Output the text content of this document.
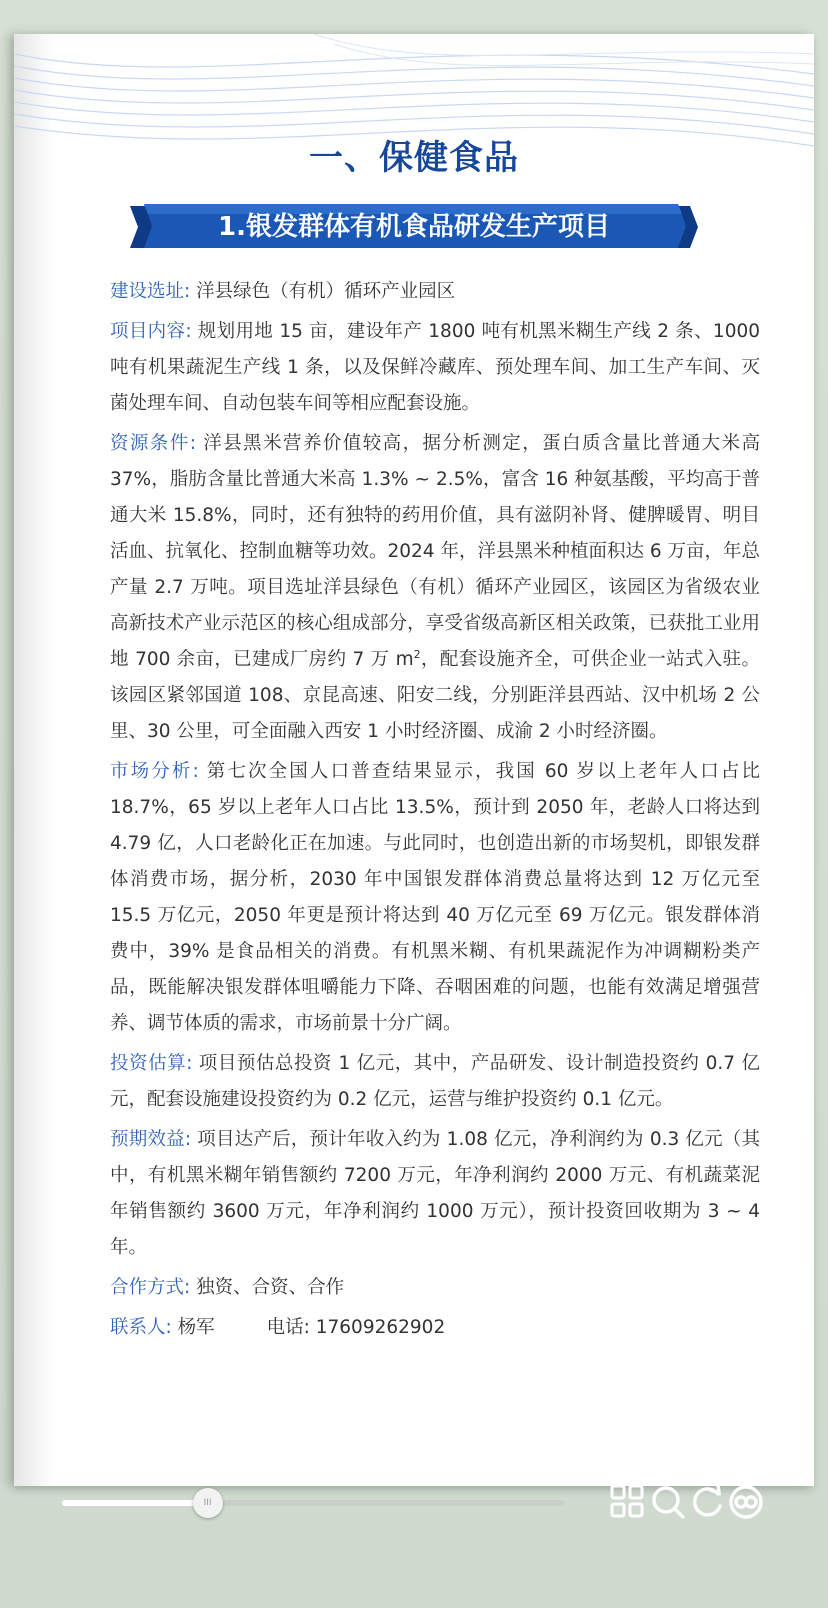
一、保健食品
1.银发群体有机食品研发生产项目

建设选址: 洋县绿色（有机）循环产业园区

项目内容: 规划用地 15 亩，建设年产 1800 吨有机黑米糊生产线 2 条、1000 吨有机果蔬泥生产线 1 条，以及保鲜冷藏库、预处理车间、加工生产车间、灭菌处理车间、自动包装车间等相应配套设施。

资源条件: 洋县黑米营养价值较高，据分析测定，蛋白质含量比普通大米高 37%，脂肪含量比普通大米高 1.3% ~ 2.5%，富含 16 种氨基酸，平均高于普通大米 15.8%，同时，还有独特的药用价值，具有滋阴补肾、健脾暖胃、明目活血、抗氧化、控制血糖等功效。2024 年，洋县黑米种植面积达 6 万亩，年总产量 2.7 万吨。项目选址洋县绿色（有机）循环产业园区，该园区为省级农业高新技术产业示范区的核心组成部分，享受省级高新区相关政策，已获批工业用地 700 余亩，已建成厂房约 7 万 $m^2$，配套设施齐全，可供企业一站式入驻。该园区紧邻国道 108、京昆高速、阳安二线，分别距洋县西站、汉中机场 2 公里、30 公里，可全面融入西安 1 小时经济圈、成渝 2 小时经济圈。

市场分析: 第七次全国人口普查结果显示，我国 60 岁以上老年人口占比 18.7%，65 岁以上老年人口占比 13.5%，预计到 2050 年，老龄人口将达到 4.79 亿，人口老龄化正在加速。与此同时，也创造出新的市场契机，即银发群体消费市场，据分析，2030 年中国银发群体消费总量将达到 12 万亿元至 15.5 万亿元，2050 年更是预计将达到 40 万亿元至 69 万亿元。银发群体消费中，39% 是食品相关的消费。有机黑米糊、有机果蔬泥作为冲调糊粉类产品，既能解决银发群体咀嚼能力下降、吞咽困难的问题，也能有效满足增强营养、调节体质的需求，市场前景十分广阔。

投资估算: 项目预估总投资 1 亿元，其中，产品研发、设计制造投资约 0.7 亿元，配套设施建设投资约为 0.2 亿元，运营与维护投资约 0.1 亿元。

预期效益: 项目达产后，预计年收入约为 1.08 亿元，净利润约为 0.3 亿元（其中，有机黑米糊年销售额约 7200 万元，年净利润约 2000 万元、有机蔬菜泥年销售额约 3600 万元，年净利润约 1000 万元），预计投资回收期为 3 ~ 4 年。

合作方式: 独资、合资、合作

联系人: 杨军	电话: 17609262902

III
